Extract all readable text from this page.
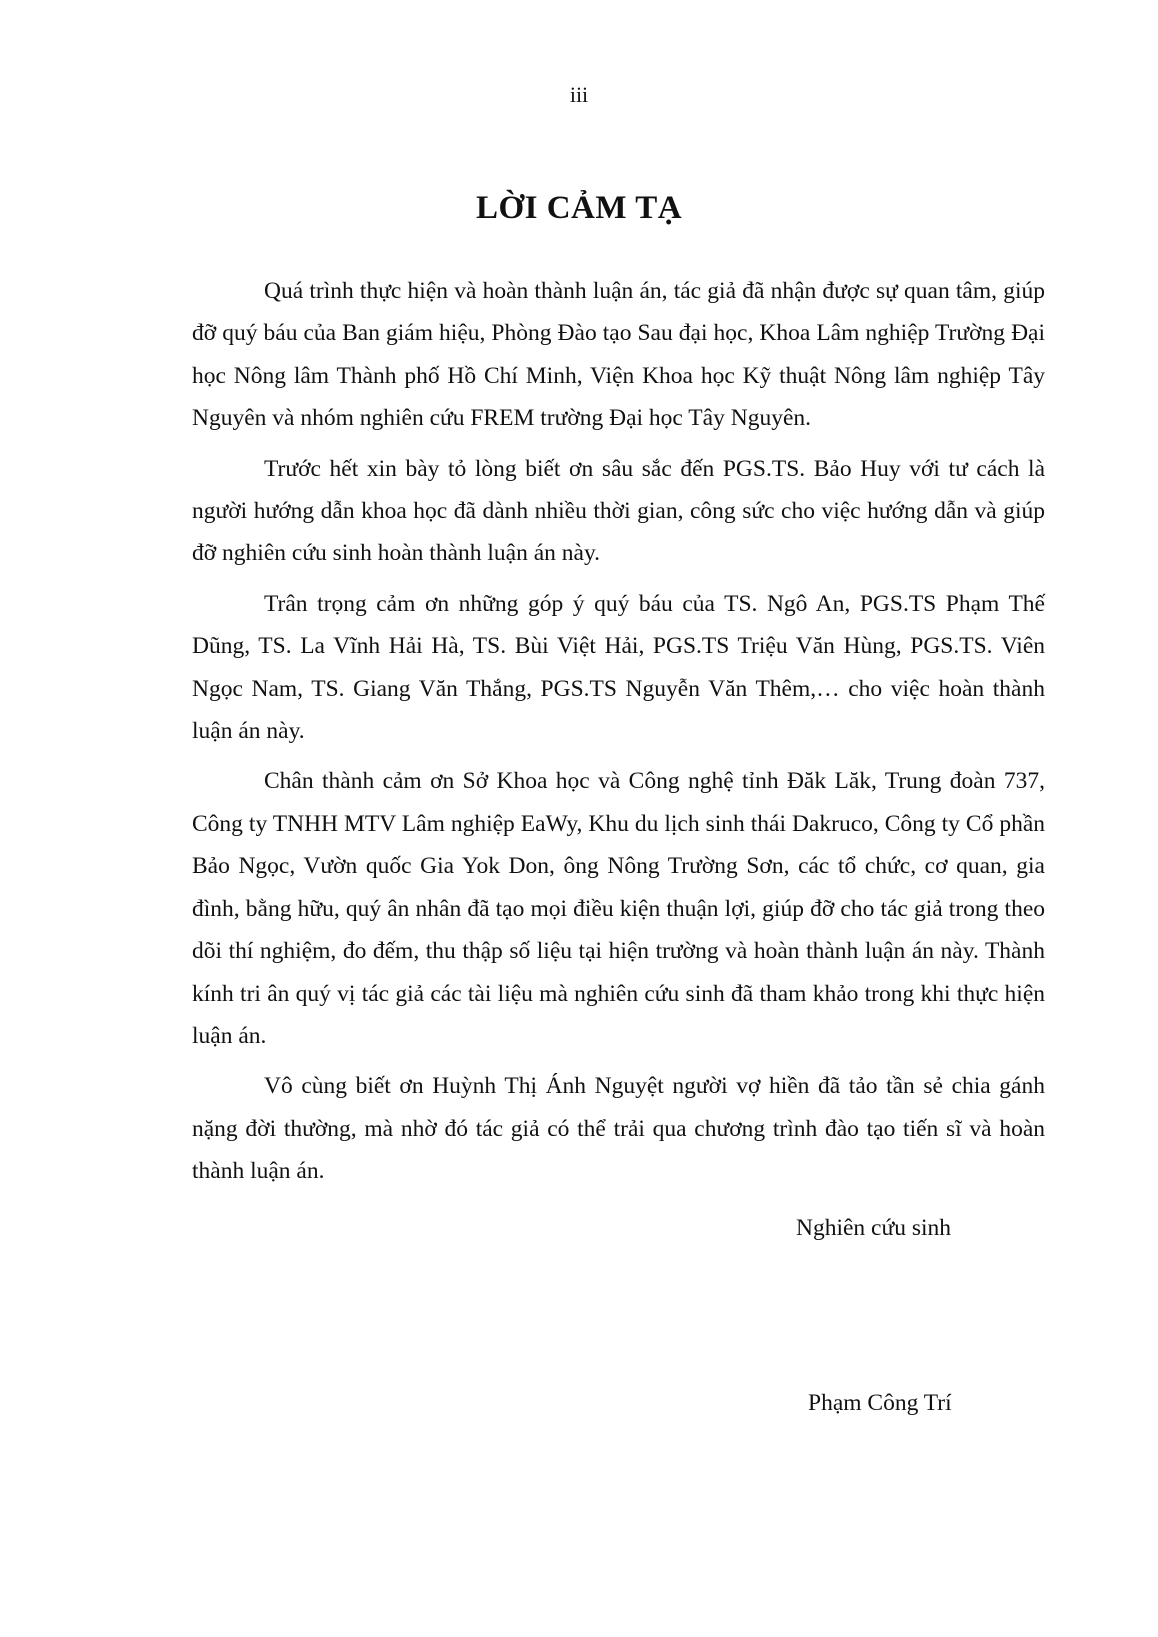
iii
LỜI CẢM TẠ

Quá trình thực hiện và hoàn thành luận án, tác giả đã nhận được sự quan tâm, giúp đỡ quý báu của Ban giám hiệu, Phòng Đào tạo Sau đại học, Khoa Lâm nghiệp Trường Đại học Nông lâm Thành phố Hồ Chí Minh, Viện Khoa học Kỹ thuật Nông lâm nghiệp Tây Nguyên và nhóm nghiên cứu FREM trường Đại học Tây Nguyên.

Trước hết xin bày tỏ lòng biết ơn sâu sắc đến PGS.TS. Bảo Huy với tư cách là người hướng dẫn khoa học đã dành nhiều thời gian, công sức cho việc hướng dẫn và giúp đỡ nghiên cứu sinh hoàn thành luận án này.

Trân trọng cảm ơn những góp ý quý báu của TS. Ngô An, PGS.TS Phạm Thế Dũng, TS. La Vĩnh Hải Hà, TS. Bùi Việt Hải, PGS.TS Triệu Văn Hùng, PGS.TS. Viên Ngọc Nam, TS. Giang Văn Thắng, PGS.TS Nguyễn Văn Thêm,… cho việc hoàn thành luận án này.

Chân thành cảm ơn Sở Khoa học và Công nghệ tỉnh Đăk Lăk, Trung đoàn 737, Công ty TNHH MTV Lâm nghiệp EaWy, Khu du lịch sinh thái Dakruco, Công ty Cổ phần Bảo Ngọc, Vườn quốc Gia Yok Don, ông Nông Trường Sơn, các tổ chức, cơ quan, gia đình, bằng hữu, quý ân nhân đã tạo mọi điều kiện thuận lợi, giúp đỡ cho tác giả trong theo dõi thí nghiệm, đo đếm, thu thập số liệu tại hiện trường và hoàn thành luận án này. Thành kính tri ân quý vị tác giả các tài liệu mà nghiên cứu sinh đã tham khảo trong khi thực hiện luận án.

Vô cùng biết ơn Huỳnh Thị Ánh Nguyệt người vợ hiền đã tảo tần sẻ chia gánh nặng đời thường, mà nhờ đó tác giả có thể trải qua chương trình đào tạo tiến sĩ và hoàn thành luận án.

Nghiên cứu sinh
Phạm Công Trí
